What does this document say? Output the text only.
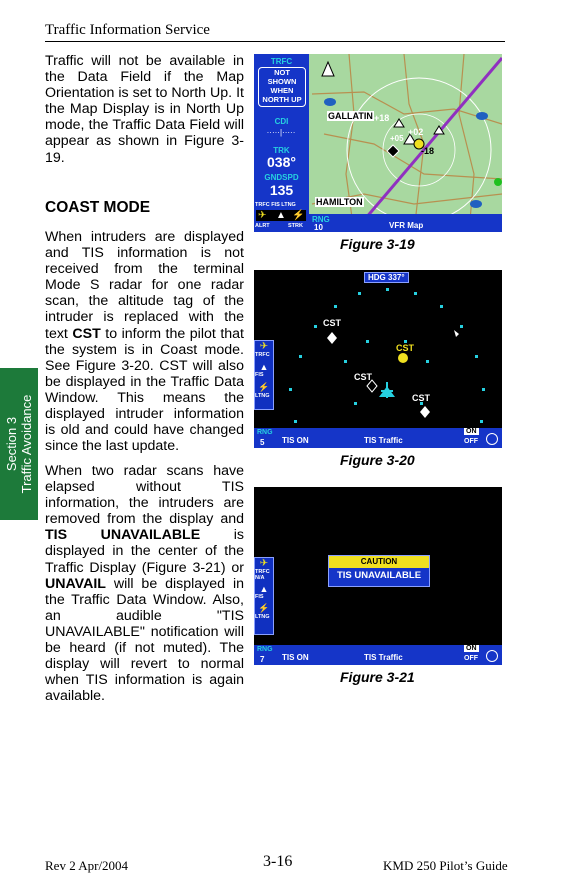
Traffic Information Service
Section 3 Traffic Avoidance

Traffic will not be available in the Data Field if the Map Orientation is set to North Up. It the Map Display is in North Up mode, the Traffic Data Field will appear as shown in Figure 3-19.

COAST MODE

When intruders are displayed and TIS information is not received from the terminal Mode S radar for one radar scan, the altitude tag of the intruder is replaced with the text CST to inform the pilot that the system is in Coast mode. See Figure 3-20. CST will also be displayed in the Traffic Data Window. This means the displayed intruder information is old and could have changed since the last update.

When two radar scans have elapsed without TIS information, the intruders are removed from the display and TIS UNAVAILABLE is displayed in the center of the Traffic Display (Figure 3-21) or UNAVAIL will be displayed in the Traffic Data Window. Also, an audible "TIS UNAVAILABLE" notification will be heard (if not muted). The display will revert to normal when TIS information is again available.

GALLATIN
HAMILTON
+18
+02
+05
-18
TRFC
NOT
SHOWN
WHEN
NORTH UP
CDI
·····|·····
TRK
038°
GNDSPD
135
TRFC FIS LTNG
✈ ▲ ⚡
ALRT	STRK
RNG
10	VFR Map
Figure 3-19
HDG 337°
CST
CST
CST
CST
✈
TRFC
▲
FIS
⚡
LTNG
RNG
5 TIS ON	TIS Traffic
ON
OFF
Figure 3-20
CAUTION
TIS UNAVAILABLE
✈
TRFC
N/A
▲
FIS
⚡
LTNG
RNG
7 TIS ON	TIS Traffic
ON
OFF
Figure 3-21
Rev 2 Apr/2004	3-16	KMD 250 Pilot’s Guide
